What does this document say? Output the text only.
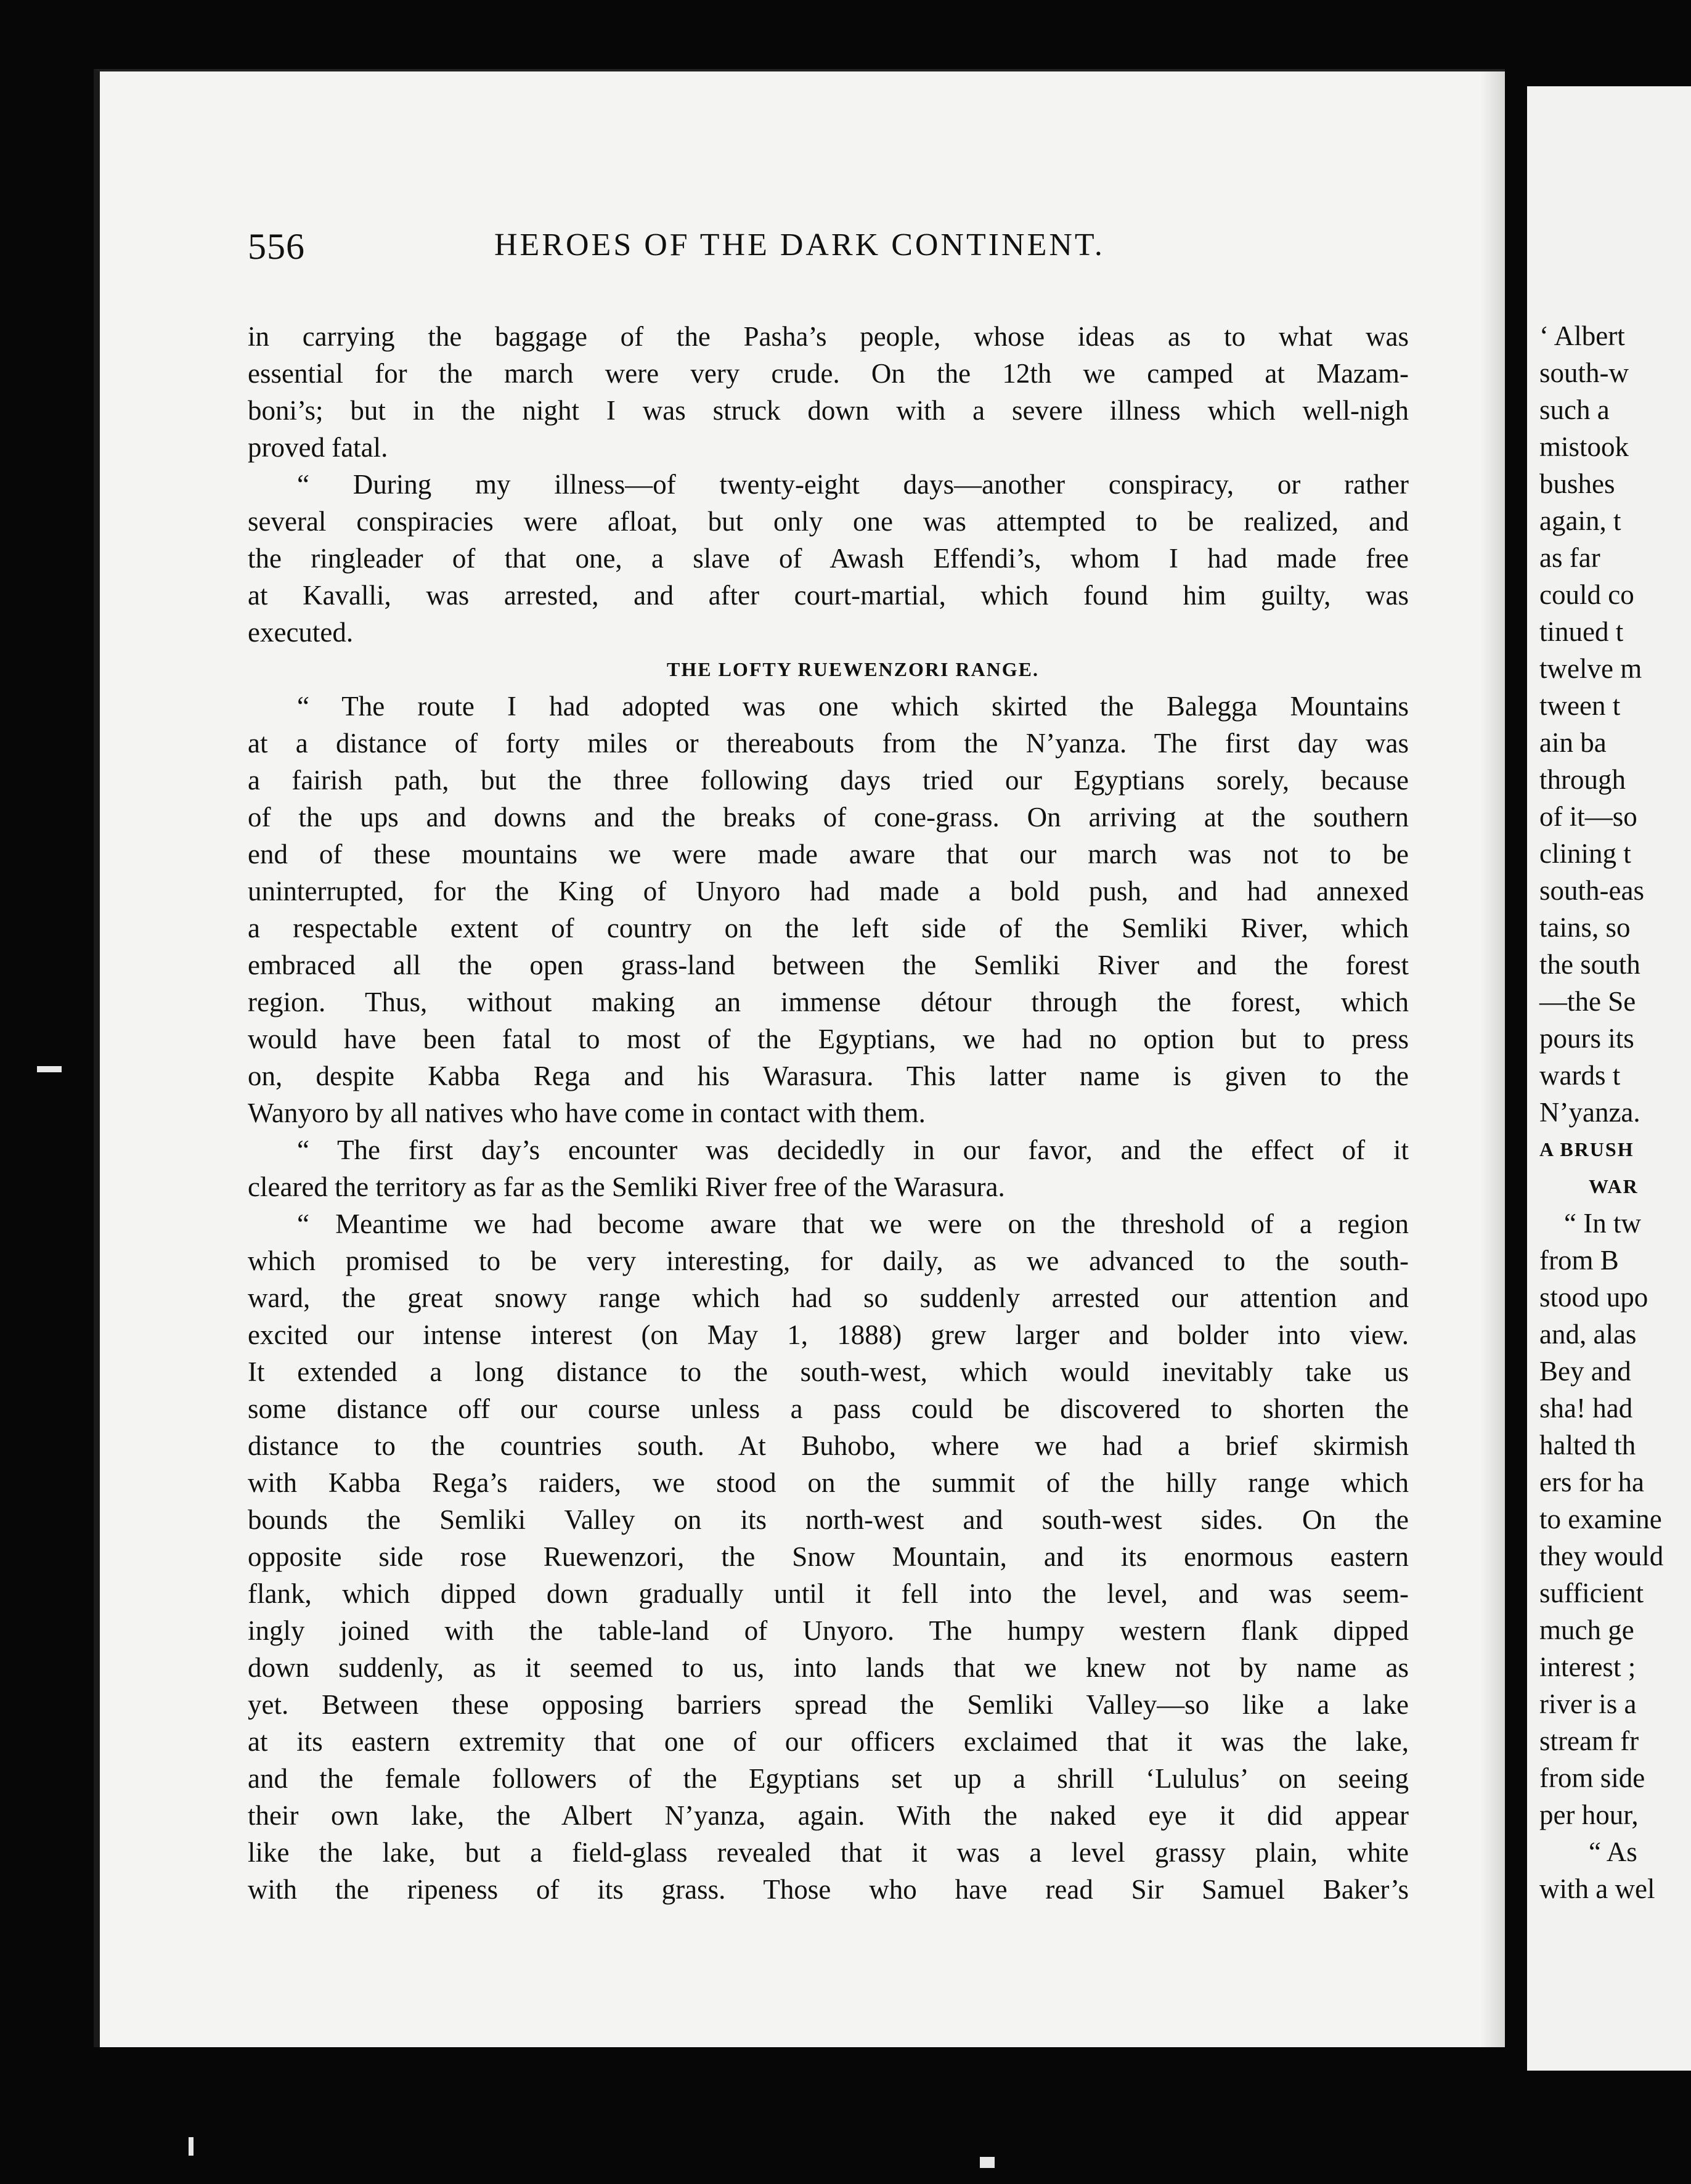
556	HEROES OF THE DARK CONTINENT.
in carrying the baggage of the Pasha’s people, whose ideas as to what was
essential for the march were very crude. On the 12th we camped at Mazam-
boni’s; but in the night I was struck down with a severe illness which well-nigh
proved fatal.
“ During my illness—of twenty-eight days—another conspiracy, or rather
several conspiracies were afloat, but only one was attempted to be realized, and
the ringleader of that one, a slave of Awash Effendi’s, whom I had made free
at Kavalli, was arrested, and after court-martial, which found him guilty, was
executed.
THE LOFTY RUEWENZORI RANGE.
“ The route I had adopted was one which skirted the Balegga Mountains
at a distance of forty miles or thereabouts from the N’yanza. The first day was
a fairish path, but the three following days tried our Egyptians sorely, because
of the ups and downs and the breaks of cone-grass. On arriving at the southern
end of these mountains we were made aware that our march was not to be
uninterrupted, for the King of Unyoro had made a bold push, and had annexed
a respectable extent of country on the left side of the Semliki River, which
embraced all the open grass-land between the Semliki River and the forest
region. Thus, without making an immense détour through the forest, which
would have been fatal to most of the Egyptians, we had no option but to press
on, despite Kabba Rega and his Warasura. This latter name is given to the
Wanyoro by all natives who have come in contact with them.
“ The first day’s encounter was decidedly in our favor, and the effect of it
cleared the territory as far as the Semliki River free of the Warasura.
“ Meantime we had become aware that we were on the threshold of a region
which promised to be very interesting, for daily, as we advanced to the south-
ward, the great snowy range which had so suddenly arrested our attention and
excited our intense interest (on May 1, 1888) grew larger and bolder into view.
It extended a long distance to the south-west, which would inevitably take us
some distance off our course unless a pass could be discovered to shorten the
distance to the countries south. At Buhobo, where we had a brief skirmish
with Kabba Rega’s raiders, we stood on the summit of the hilly range which
bounds the Semliki Valley on its north-west and south-west sides. On the
opposite side rose Ruewenzori, the Snow Mountain, and its enormous eastern
flank, which dipped down gradually until it fell into the level, and was seem-
ingly joined with the table-land of Unyoro. The humpy western flank dipped
down suddenly, as it seemed to us, into lands that we knew not by name as
yet. Between these opposing barriers spread the Semliki Valley—so like a lake
at its eastern extremity that one of our officers exclaimed that it was the lake,
and the female followers of the Egyptians set up a shrill ‘Lululus’ on seeing
their own lake, the Albert N’yanza, again. With the naked eye it did appear
like the lake, but a field-glass revealed that it was a level grassy plain, white
with the ripeness of its grass. Those who have read Sir Samuel Baker’s
‘ Albert
south-w
such a
mistook
bushes
again, t
as far
could co
tinued t
twelve m
tween t
ain ba
through
of it—so
clining t
south-eas
tains, so
the south
—the Se
pours its
wards t
N’yanza.
A BRUSH
WAR
“ In tw
from B
stood upo
and, alas
Bey and
sha! had
halted th
ers for ha
to examine
they would
sufficient
much ge
interest ;
river is a
stream fr
from side
per hour,
“ As
with a wel
